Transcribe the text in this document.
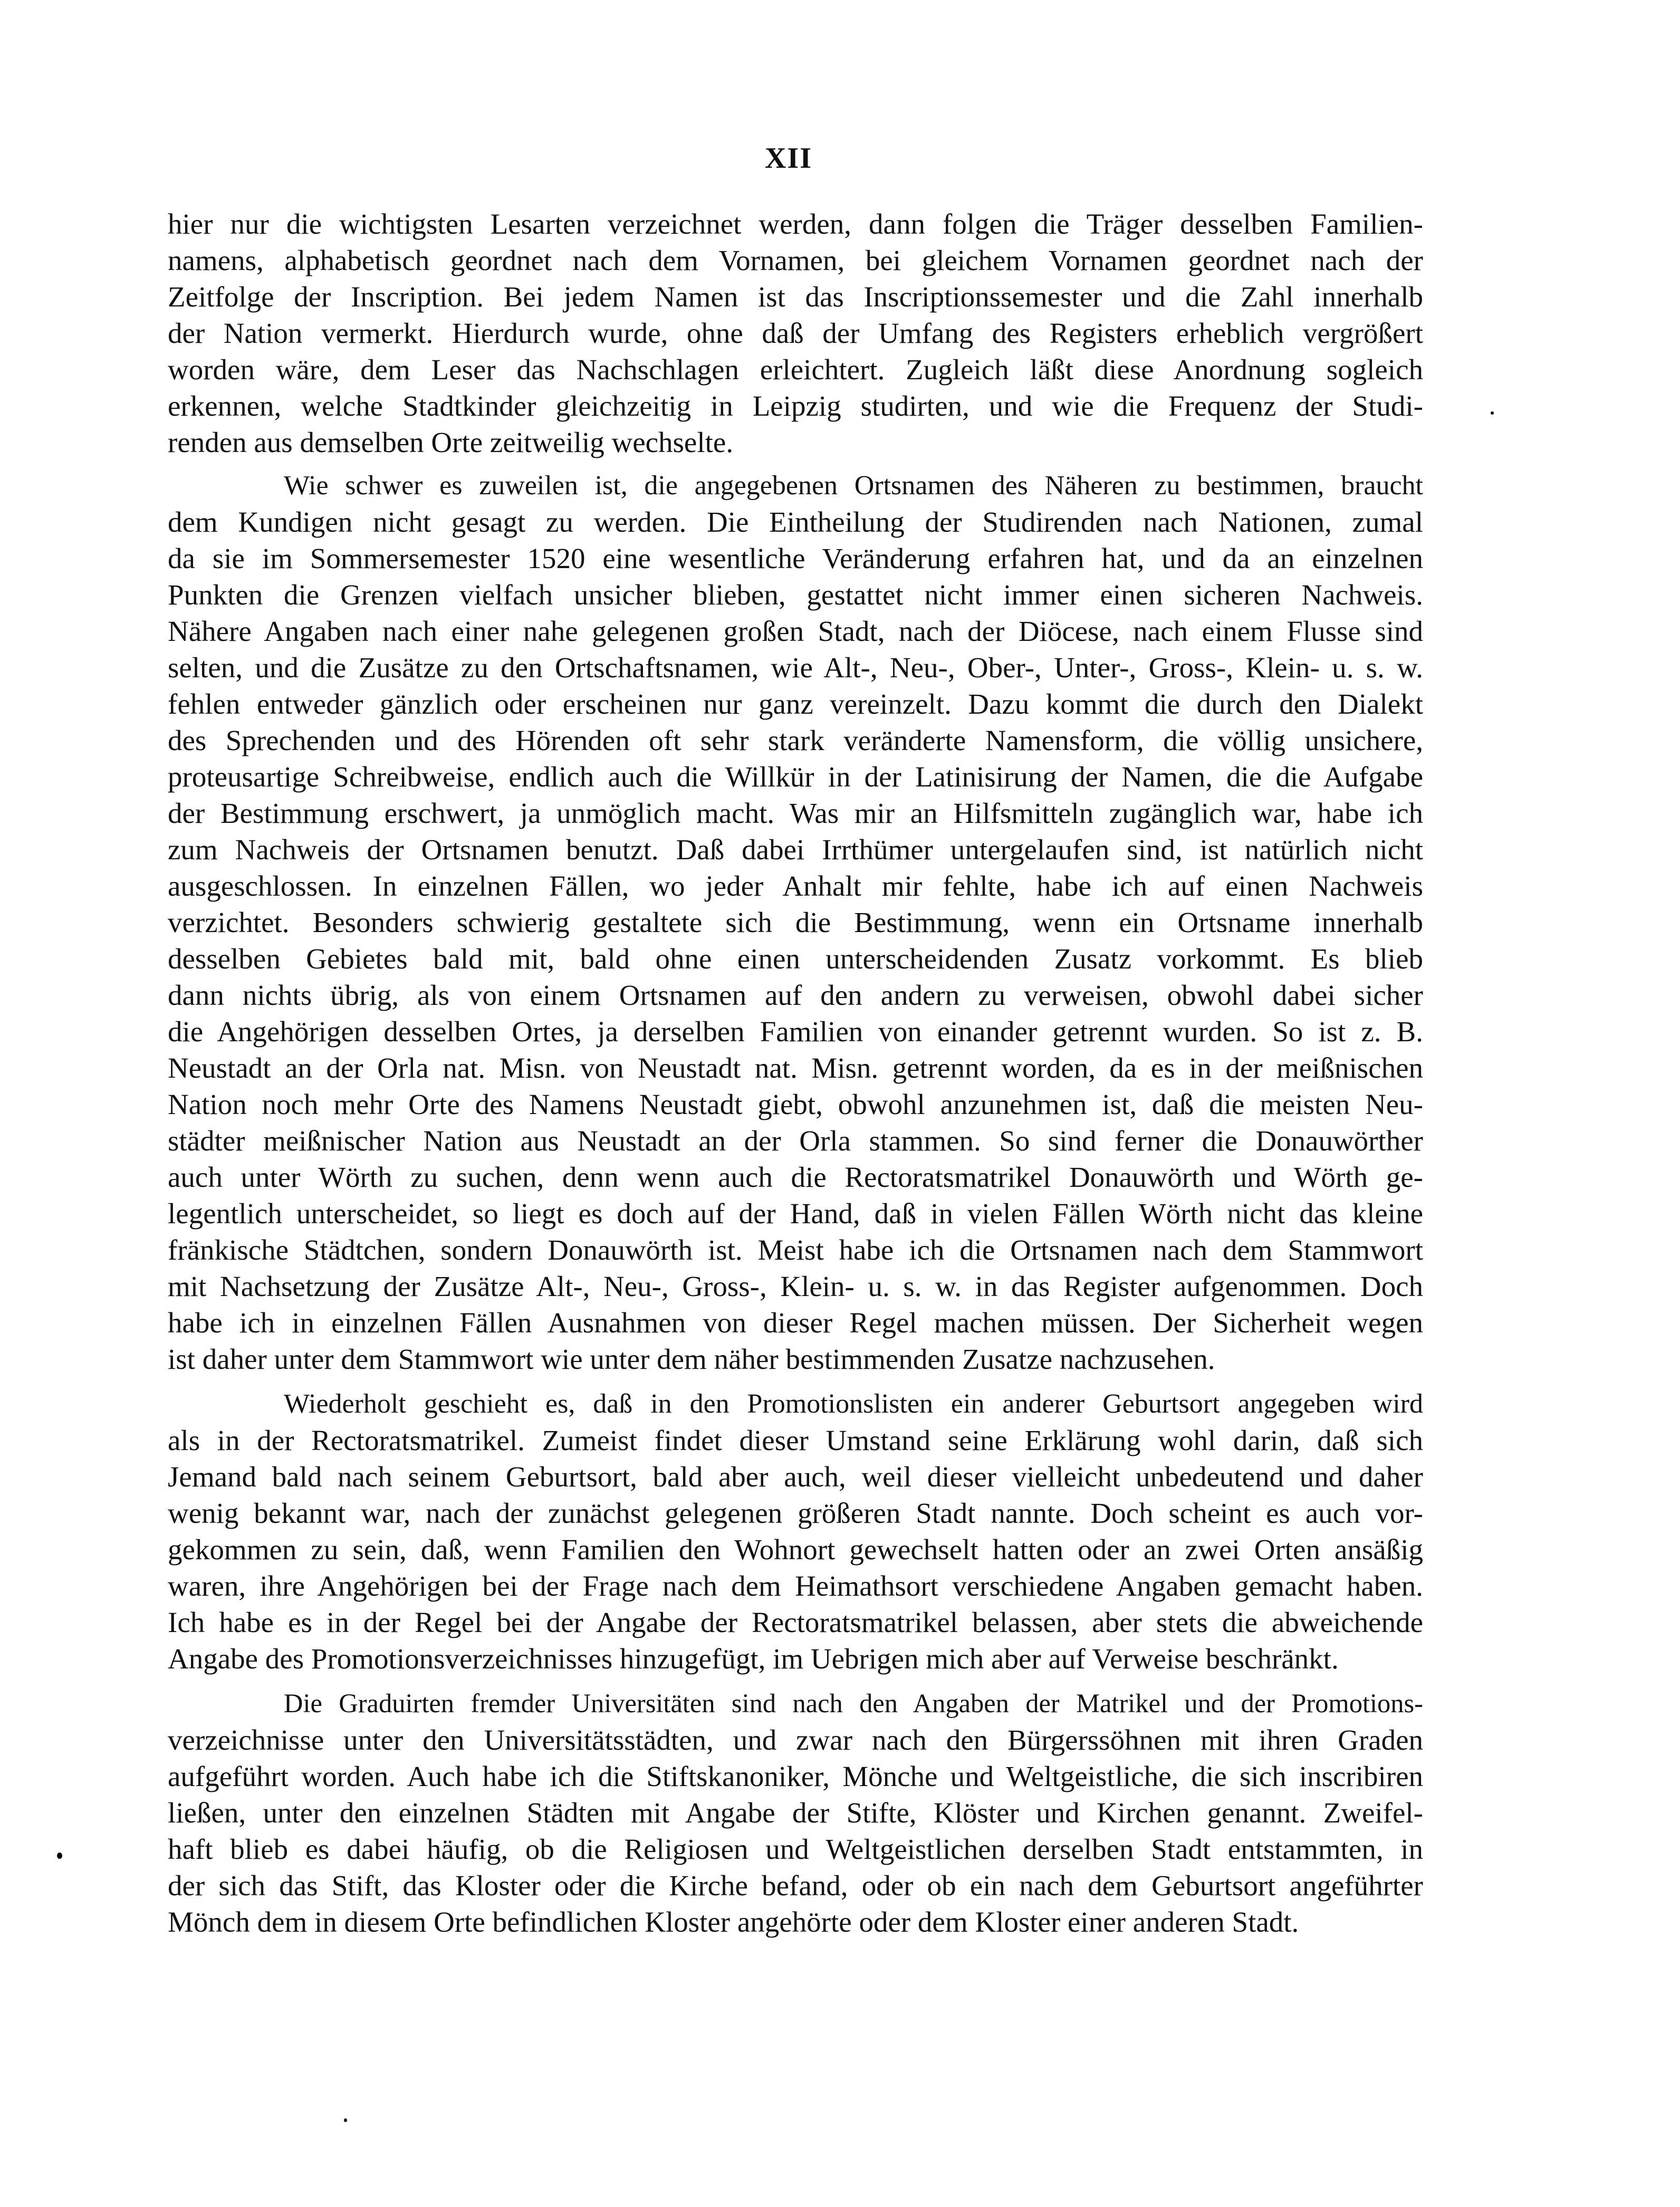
XII
hier nur die wichtigsten Lesarten verzeichnet werden, dann folgen die Träger desselben Familien-
namens, alphabetisch geordnet nach dem Vornamen, bei gleichem Vornamen geordnet nach der
Zeitfolge der Inscription. Bei jedem Namen ist das Inscriptionssemester und die Zahl innerhalb
der Nation vermerkt. Hierdurch wurde, ohne daß der Umfang des Registers erheblich vergrößert
worden wäre, dem Leser das Nachschlagen erleichtert. Zugleich läßt diese Anordnung sogleich
erkennen, welche Stadtkinder gleichzeitig in Leipzig studirten, und wie die Frequenz der Studi-
renden aus demselben Orte zeitweilig wechselte.
Wie schwer es zuweilen ist, die angegebenen Ortsnamen des Näheren zu bestimmen, braucht
dem Kundigen nicht gesagt zu werden. Die Eintheilung der Studirenden nach Nationen, zumal
da sie im Sommersemester 1520 eine wesentliche Veränderung erfahren hat, und da an einzelnen
Punkten die Grenzen vielfach unsicher blieben, gestattet nicht immer einen sicheren Nachweis.
Nähere Angaben nach einer nahe gelegenen großen Stadt, nach der Diöcese, nach einem Flusse sind
selten, und die Zusätze zu den Ortschaftsnamen, wie Alt-, Neu-, Ober-, Unter-, Gross-, Klein- u. s. w.
fehlen entweder gänzlich oder erscheinen nur ganz vereinzelt. Dazu kommt die durch den Dialekt
des Sprechenden und des Hörenden oft sehr stark veränderte Namensform, die völlig unsichere,
proteusartige Schreibweise, endlich auch die Willkür in der Latinisirung der Namen, die die Aufgabe
der Bestimmung erschwert, ja unmöglich macht. Was mir an Hilfsmitteln zugänglich war, habe ich
zum Nachweis der Ortsnamen benutzt. Daß dabei Irrthümer untergelaufen sind, ist natürlich nicht
ausgeschlossen. In einzelnen Fällen, wo jeder Anhalt mir fehlte, habe ich auf einen Nachweis
verzichtet. Besonders schwierig gestaltete sich die Bestimmung, wenn ein Ortsname innerhalb
desselben Gebietes bald mit, bald ohne einen unterscheidenden Zusatz vorkommt. Es blieb
dann nichts übrig, als von einem Ortsnamen auf den andern zu verweisen, obwohl dabei sicher
die Angehörigen desselben Ortes, ja derselben Familien von einander getrennt wurden. So ist z. B.
Neustadt an der Orla nat. Misn. von Neustadt nat. Misn. getrennt worden, da es in der meißnischen
Nation noch mehr Orte des Namens Neustadt giebt, obwohl anzunehmen ist, daß die meisten Neu-
städter meißnischer Nation aus Neustadt an der Orla stammen. So sind ferner die Donauwörther
auch unter Wörth zu suchen, denn wenn auch die Rectoratsmatrikel Donauwörth und Wörth ge-
legentlich unterscheidet, so liegt es doch auf der Hand, daß in vielen Fällen Wörth nicht das kleine
fränkische Städtchen, sondern Donauwörth ist. Meist habe ich die Ortsnamen nach dem Stammwort
mit Nachsetzung der Zusätze Alt-, Neu-, Gross-, Klein- u. s. w. in das Register aufgenommen. Doch
habe ich in einzelnen Fällen Ausnahmen von dieser Regel machen müssen. Der Sicherheit wegen
ist daher unter dem Stammwort wie unter dem näher bestimmenden Zusatze nachzusehen.
Wiederholt geschieht es, daß in den Promotionslisten ein anderer Geburtsort angegeben wird
als in der Rectoratsmatrikel. Zumeist findet dieser Umstand seine Erklärung wohl darin, daß sich
Jemand bald nach seinem Geburtsort, bald aber auch, weil dieser vielleicht unbedeutend und daher
wenig bekannt war, nach der zunächst gelegenen größeren Stadt nannte. Doch scheint es auch vor-
gekommen zu sein, daß, wenn Familien den Wohnort gewechselt hatten oder an zwei Orten ansäßig
waren, ihre Angehörigen bei der Frage nach dem Heimathsort verschiedene Angaben gemacht haben.
Ich habe es in der Regel bei der Angabe der Rectoratsmatrikel belassen, aber stets die abweichende
Angabe des Promotionsverzeichnisses hinzugefügt, im Uebrigen mich aber auf Verweise beschränkt.
Die Graduirten fremder Universitäten sind nach den Angaben der Matrikel und der Promotions-
verzeichnisse unter den Universitätsstädten, und zwar nach den Bürgerssöhnen mit ihren Graden
aufgeführt worden. Auch habe ich die Stiftskanoniker, Mönche und Weltgeistliche, die sich inscribiren
ließen, unter den einzelnen Städten mit Angabe der Stifte, Klöster und Kirchen genannt. Zweifel-
haft blieb es dabei häufig, ob die Religiosen und Weltgeistlichen derselben Stadt entstammten, in
der sich das Stift, das Kloster oder die Kirche befand, oder ob ein nach dem Geburtsort angeführter
Mönch dem in diesem Orte befindlichen Kloster angehörte oder dem Kloster einer anderen Stadt.
